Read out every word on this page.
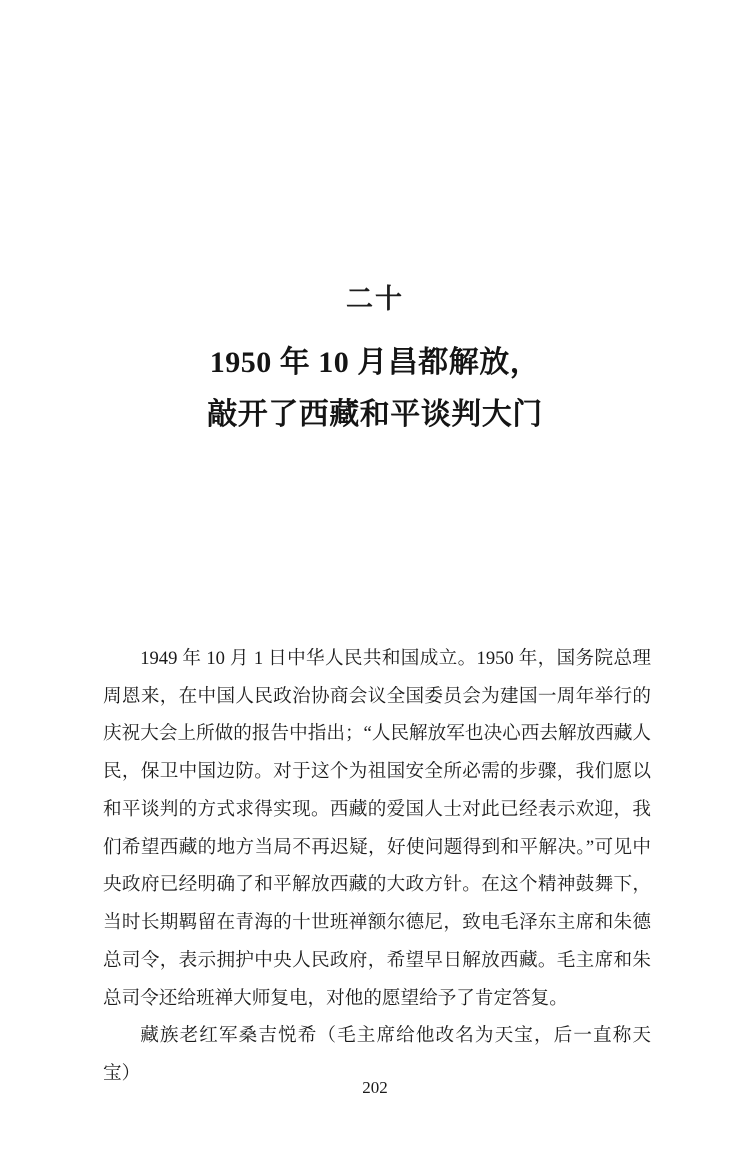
二十
1950 年 10 月昌都解放，
敲开了西藏和平谈判大门

1949 年 10 月 1 日中华人民共和国成立。1950 年，国务院总理周恩来，在中国人民政治协商会议全国委员会为建国一周年举行的庆祝大会上所做的报告中指出；“人民解放军也决心西去解放西藏人民，保卫中国边防。对于这个为祖国安全所必需的步骤，我们愿以和平谈判的方式求得实现。西藏的爱国人士对此已经表示欢迎，我们希望西藏的地方当局不再迟疑，好使问题得到和平解决。”可见中央政府已经明确了和平解放西藏的大政方针。在这个精神鼓舞下，当时长期羁留在青海的十世班禅额尔德尼，致电毛泽东主席和朱德总司令，表示拥护中央人民政府，希望早日解放西藏。毛主席和朱总司令还给班禅大师复电，对他的愿望给予了肯定答复。

藏族老红军桑吉悦希（毛主席给他改名为天宝，后一直称天宝）

202
